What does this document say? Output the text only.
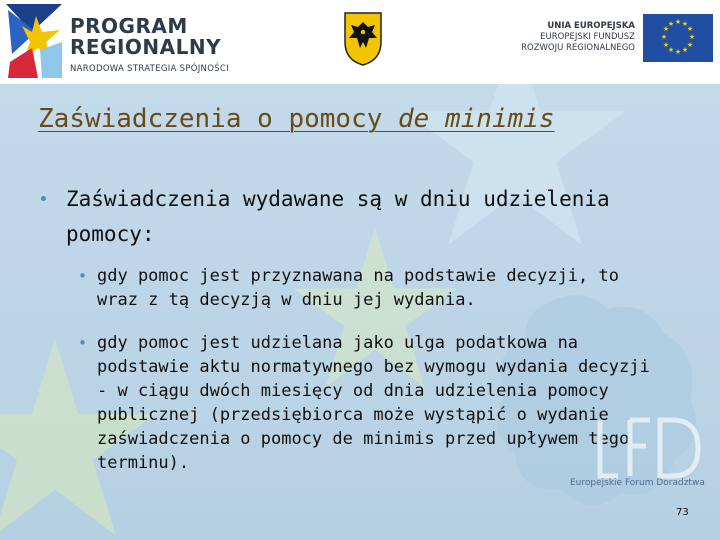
PROGRAM
REGIONALNY
NARODOWA STRATEGIA SPÓJNOŚCI
UNIA EUROPEJSKA
EUROPEJSKI FUNDUSZ
ROZWOJU REGIONALNEGO
★ ★
★
★
★
★
★
★
★
★
★
★
Zaświadczenia o pomocy de minimis
• Zaświadczenia wydawane są w dniu udzielenia pomocy:
• gdy pomoc jest przyznawana na podstawie decyzji, to wraz z tą decyzją w dniu jej wydania.
• gdy pomoc jest udzielana jako ulga podatkowa na podstawie aktu normatywnego bez wymogu wydania decyzji - w ciągu dwóch miesięcy od dnia udzielenia pomocy publicznej (przedsiębiorca może wystąpić o wydanie zaświadczenia o pomocy de minimis przed upływem tego terminu).
Europejskie Forum Doradztwa
73
